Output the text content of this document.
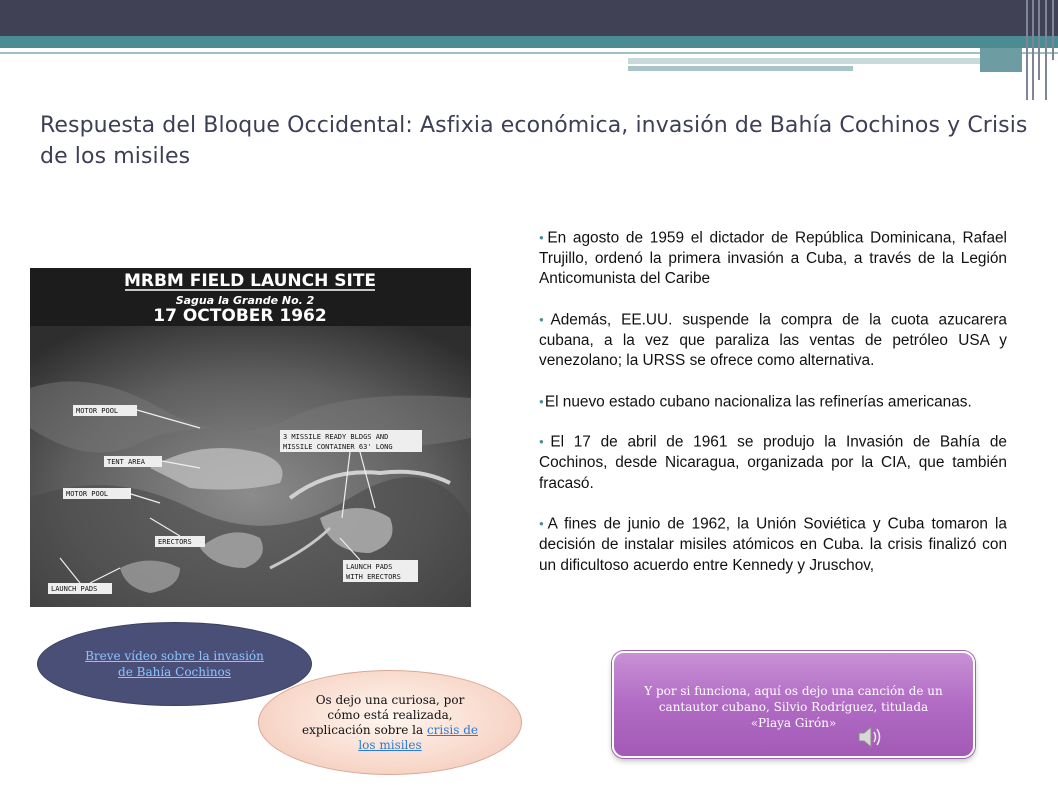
Respuesta del Bloque Occidental: Asfixia económica, invasión de Bahía Cochinos y Crisis de los misiles
MRBM FIELD LAUNCH SITE
Sagua la Grande No. 2
17 OCTOBER 1962
MOTOR POOL
TENT AREA
MOTOR POOL
ERECTORS
LAUNCH PADS
3 MISSILE READY BLDGS AND
MISSILE CONTAINER 63' LONG
LAUNCH PADS
WITH ERECTORS

●En agosto de 1959 el dictador de República Dominicana, Rafael Trujillo, ordenó la primera invasión a Cuba, a través de la Legión Anticomunista del Caribe

●Además, EE.UU. suspende la compra de la cuota azucarera cubana, a la vez que paraliza las ventas de petróleo USA y venezolano; la URSS se ofrece como alternativa.

●El nuevo estado cubano nacionaliza las refinerías americanas.

●El 17 de abril de 1961 se produjo la Invasión de Bahía de Cochinos, desde Nicaragua, organizada por la CIA, que también fracasó.

●A fines de junio de 1962, la Unión Soviética y Cuba tomaron la decisión de instalar misiles atómicos en Cuba. la crisis finalizó con un dificultoso acuerdo entre Kennedy y Jruschov,

Breve vídeo sobre la invasión de Bahía Cochinos
Os dejo una curiosa, por cómo está realizada, explicación sobre la crisis de los misiles
Y por si funciona, aquí os dejo una canción de un cantautor cubano, Silvio Rodríguez, titulada «Playa Girón»
